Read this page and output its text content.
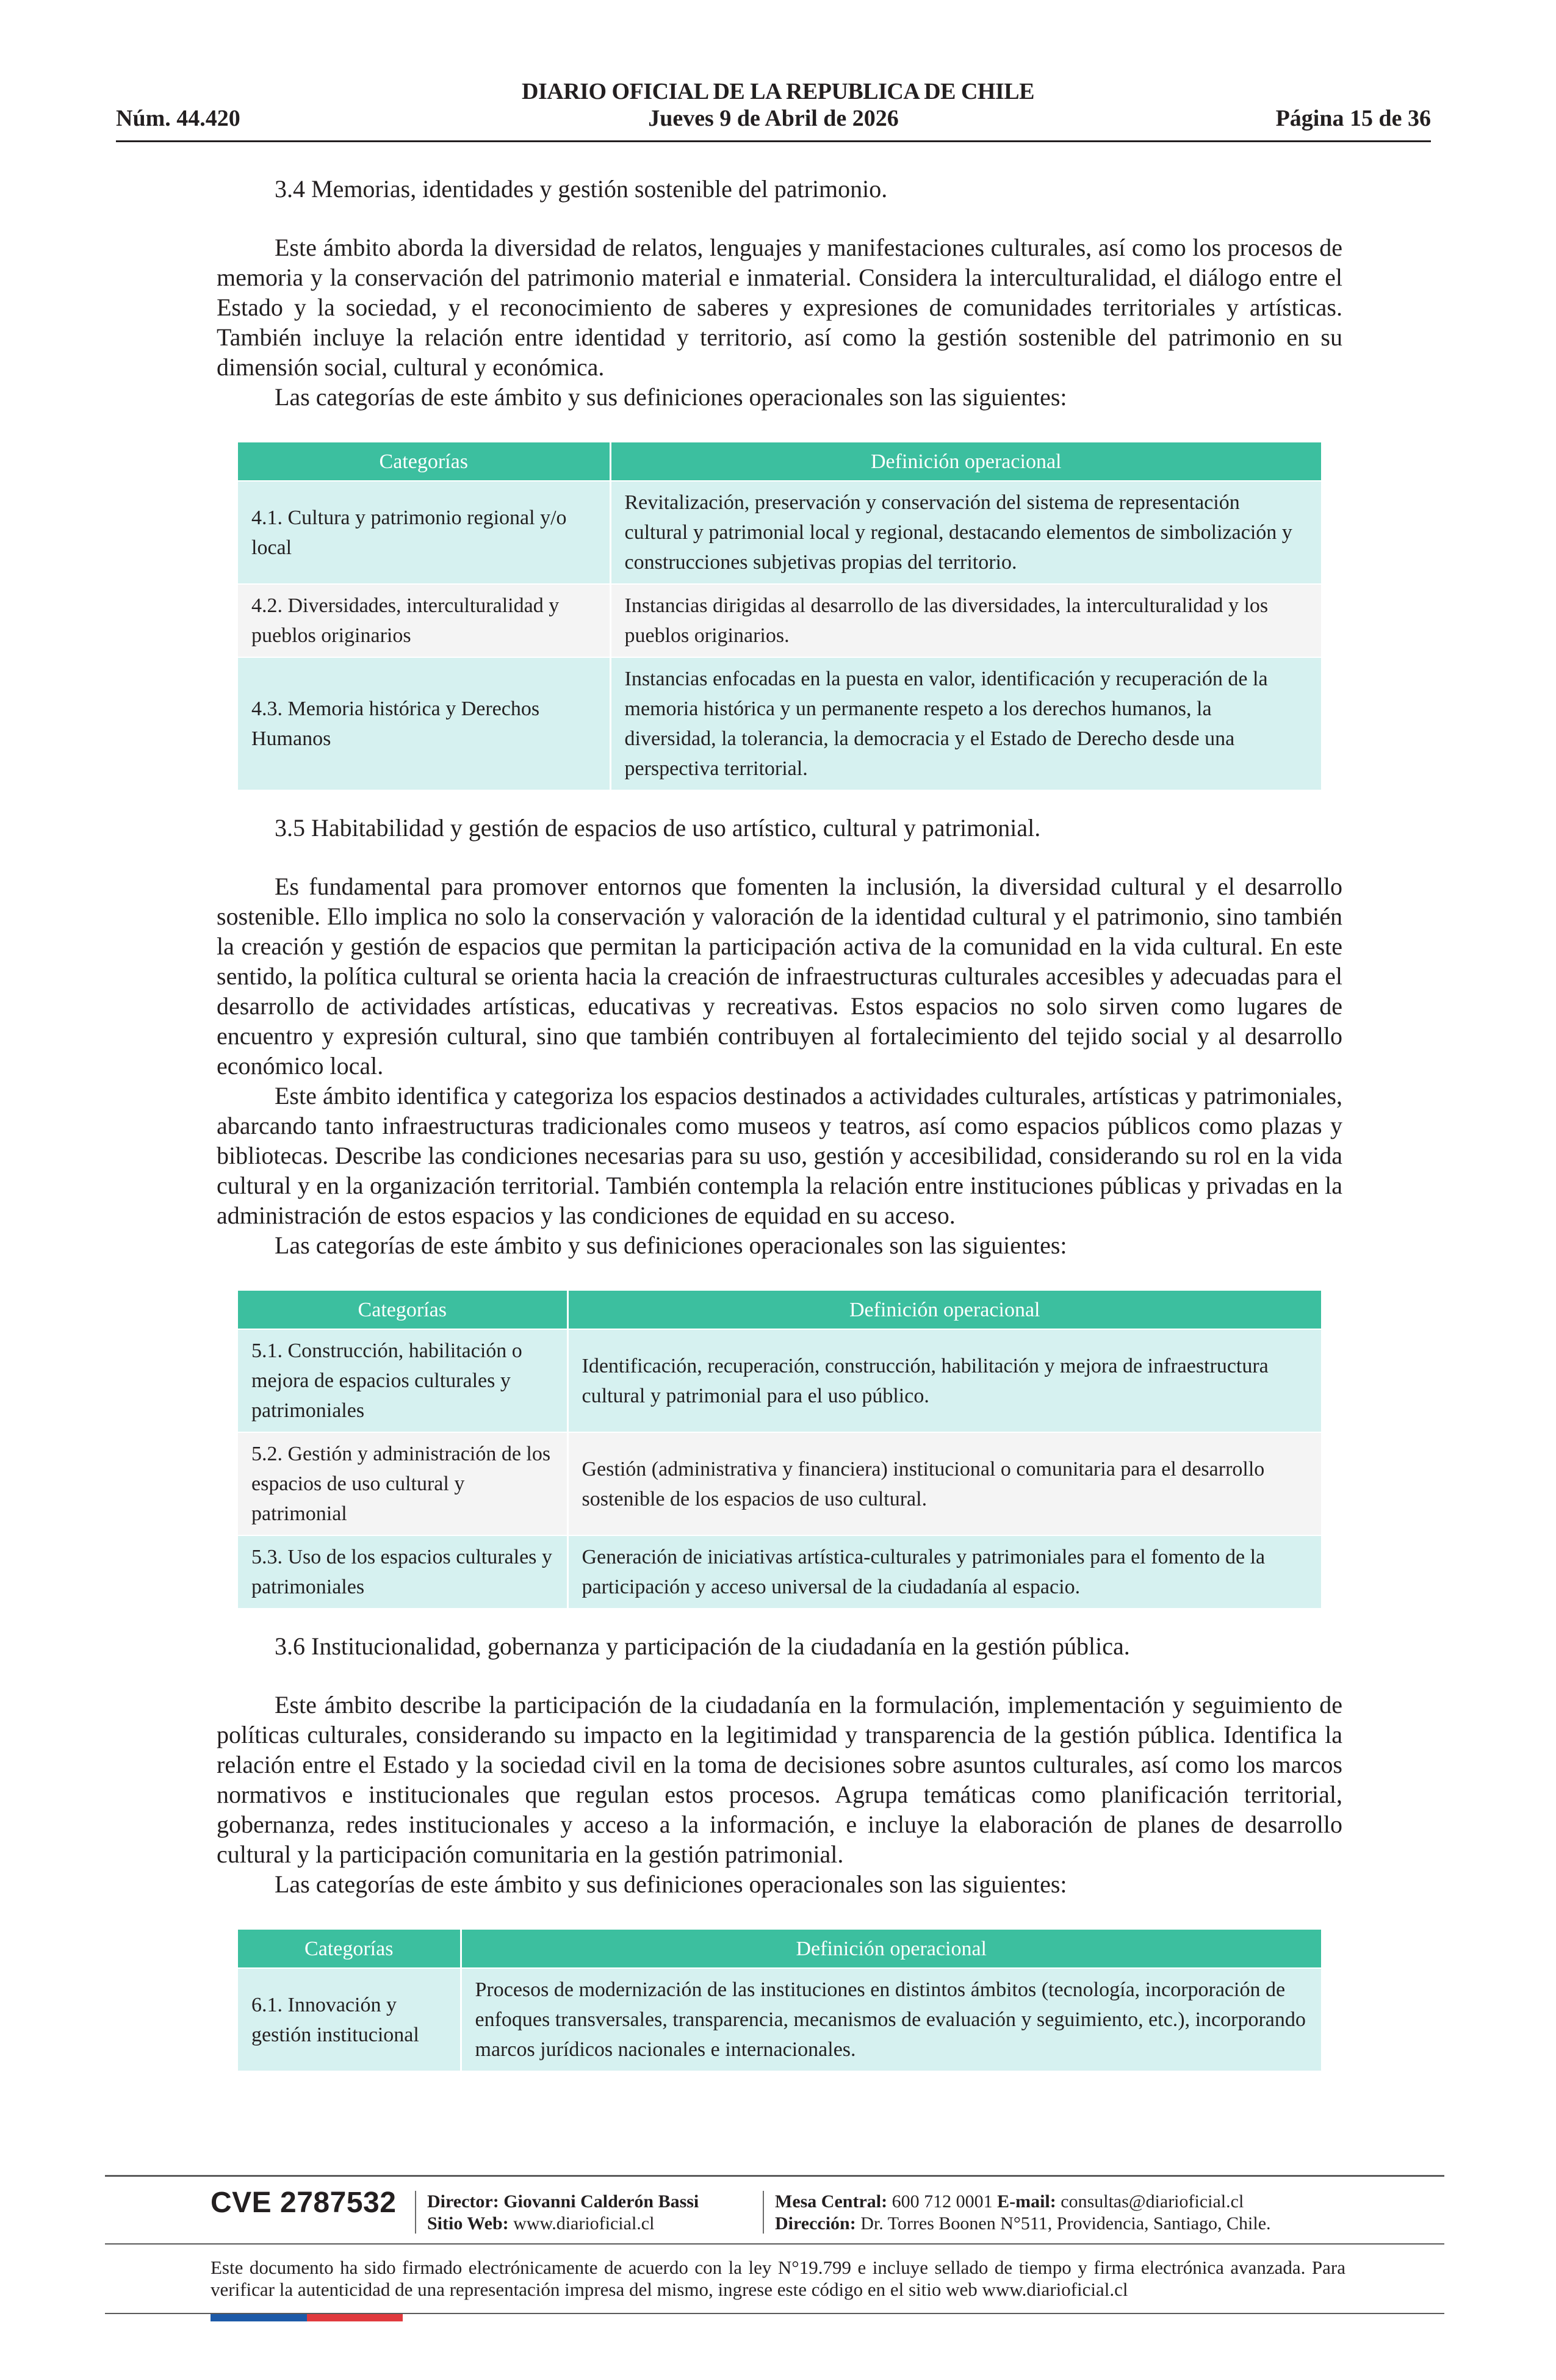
DIARIO OFICIAL DE LA REPUBLICA DE CHILE
Jueves 9 de Abril de 2026
Núm. 44.420	Página 15 de 36

3.4 Memorias, identidades y gestión sostenible del patrimonio.

Este ámbito aborda la diversidad de relatos, lenguajes y manifestaciones culturales, así como los procesos de memoria y la conservación del patrimonio material e inmaterial. Considera la interculturalidad, el diálogo entre el Estado y la sociedad, y el reconocimiento de saberes y expresiones de comunidades territoriales y artísticas. También incluye la relación entre identidad y territorio, así como la gestión sostenible del patrimonio en su dimensión social, cultural y económica.

Las categorías de este ámbito y sus definiciones operacionales son las siguientes:

Categorías	Definición operacional
4.1. Cultura y patrimonio regional y/o local	Revitalización, preservación y conservación del sistema de representación cultural y patrimonial local y regional, destacando elementos de simbolización y construcciones subjetivas propias del territorio.
4.2. Diversidades, interculturalidad y pueblos originarios	Instancias dirigidas al desarrollo de las diversidades, la interculturalidad y los pueblos originarios.
4.3. Memoria histórica y Derechos Humanos	Instancias enfocadas en la puesta en valor, identificación y recuperación de la memoria histórica y un permanente respeto a los derechos humanos, la diversidad, la tolerancia, la democracia y el Estado de Derecho desde una perspectiva territorial.

3.5 Habitabilidad y gestión de espacios de uso artístico, cultural y patrimonial.

Es fundamental para promover entornos que fomenten la inclusión, la diversidad cultural y el desarrollo sostenible. Ello implica no solo la conservación y valoración de la identidad cultural y el patrimonio, sino también la creación y gestión de espacios que permitan la participación activa de la comunidad en la vida cultural. En este sentido, la política cultural se orienta hacia la creación de infraestructuras culturales accesibles y adecuadas para el desarrollo de actividades artísticas, educativas y recreativas. Estos espacios no solo sirven como lugares de encuentro y expresión cultural, sino que también contribuyen al fortalecimiento del tejido social y al desarrollo económico local.

Este ámbito identifica y categoriza los espacios destinados a actividades culturales, artísticas y patrimoniales, abarcando tanto infraestructuras tradicionales como museos y teatros, así como espacios públicos como plazas y bibliotecas. Describe las condiciones necesarias para su uso, gestión y accesibilidad, considerando su rol en la vida cultural y en la organización territorial. También contempla la relación entre instituciones públicas y privadas en la administración de estos espacios y las condiciones de equidad en su acceso.

Las categorías de este ámbito y sus definiciones operacionales son las siguientes:

Categorías	Definición operacional
5.1. Construcción, habilitación o mejora de espacios culturales y patrimoniales	Identificación, recuperación, construcción, habilitación y mejora de infraestructura cultural y patrimonial para el uso público.
5.2. Gestión y administración de los espacios de uso cultural y patrimonial	Gestión (administrativa y financiera) institucional o comunitaria para el desarrollo sostenible de los espacios de uso cultural.
5.3. Uso de los espacios culturales y patrimoniales	Generación de iniciativas artística-culturales y patrimoniales para el fomento de la participación y acceso universal de la ciudadanía al espacio.

3.6 Institucionalidad, gobernanza y participación de la ciudadanía en la gestión pública.

Este ámbito describe la participación de la ciudadanía en la formulación, implementación y seguimiento de políticas culturales, considerando su impacto en la legitimidad y transparencia de la gestión pública. Identifica la relación entre el Estado y la sociedad civil en la toma de decisiones sobre asuntos culturales, así como los marcos normativos e institucionales que regulan estos procesos. Agrupa temáticas como planificación territorial, gobernanza, redes institucionales y acceso a la información, e incluye la elaboración de planes de desarrollo cultural y la participación comunitaria en la gestión patrimonial.

Las categorías de este ámbito y sus definiciones operacionales son las siguientes:

Categorías	Definición operacional
6.1. Innovación y gestión institucional	Procesos de modernización de las instituciones en distintos ámbitos (tecnología, incorporación de enfoques transversales, transparencia, mecanismos de evaluación y seguimiento, etc.), incorporando marcos jurídicos nacionales e internacionales.
CVE 2787532 Director: Giovanni Calderón Bassi
Sitio Web: www.diarioficial.cl
Mesa Central: 600 712 0001 E-mail: consultas@diarioficial.cl
Dirección: Dr. Torres Boonen N°511, Providencia, Santiago, Chile.
Este documento ha sido firmado electrónicamente de acuerdo con la ley N°19.799 e incluye sellado de tiempo y firma electrónica avanzada. Para verificar la autenticidad de una representación impresa del mismo, ingrese este código en el sitio web www.diarioficial.cl
